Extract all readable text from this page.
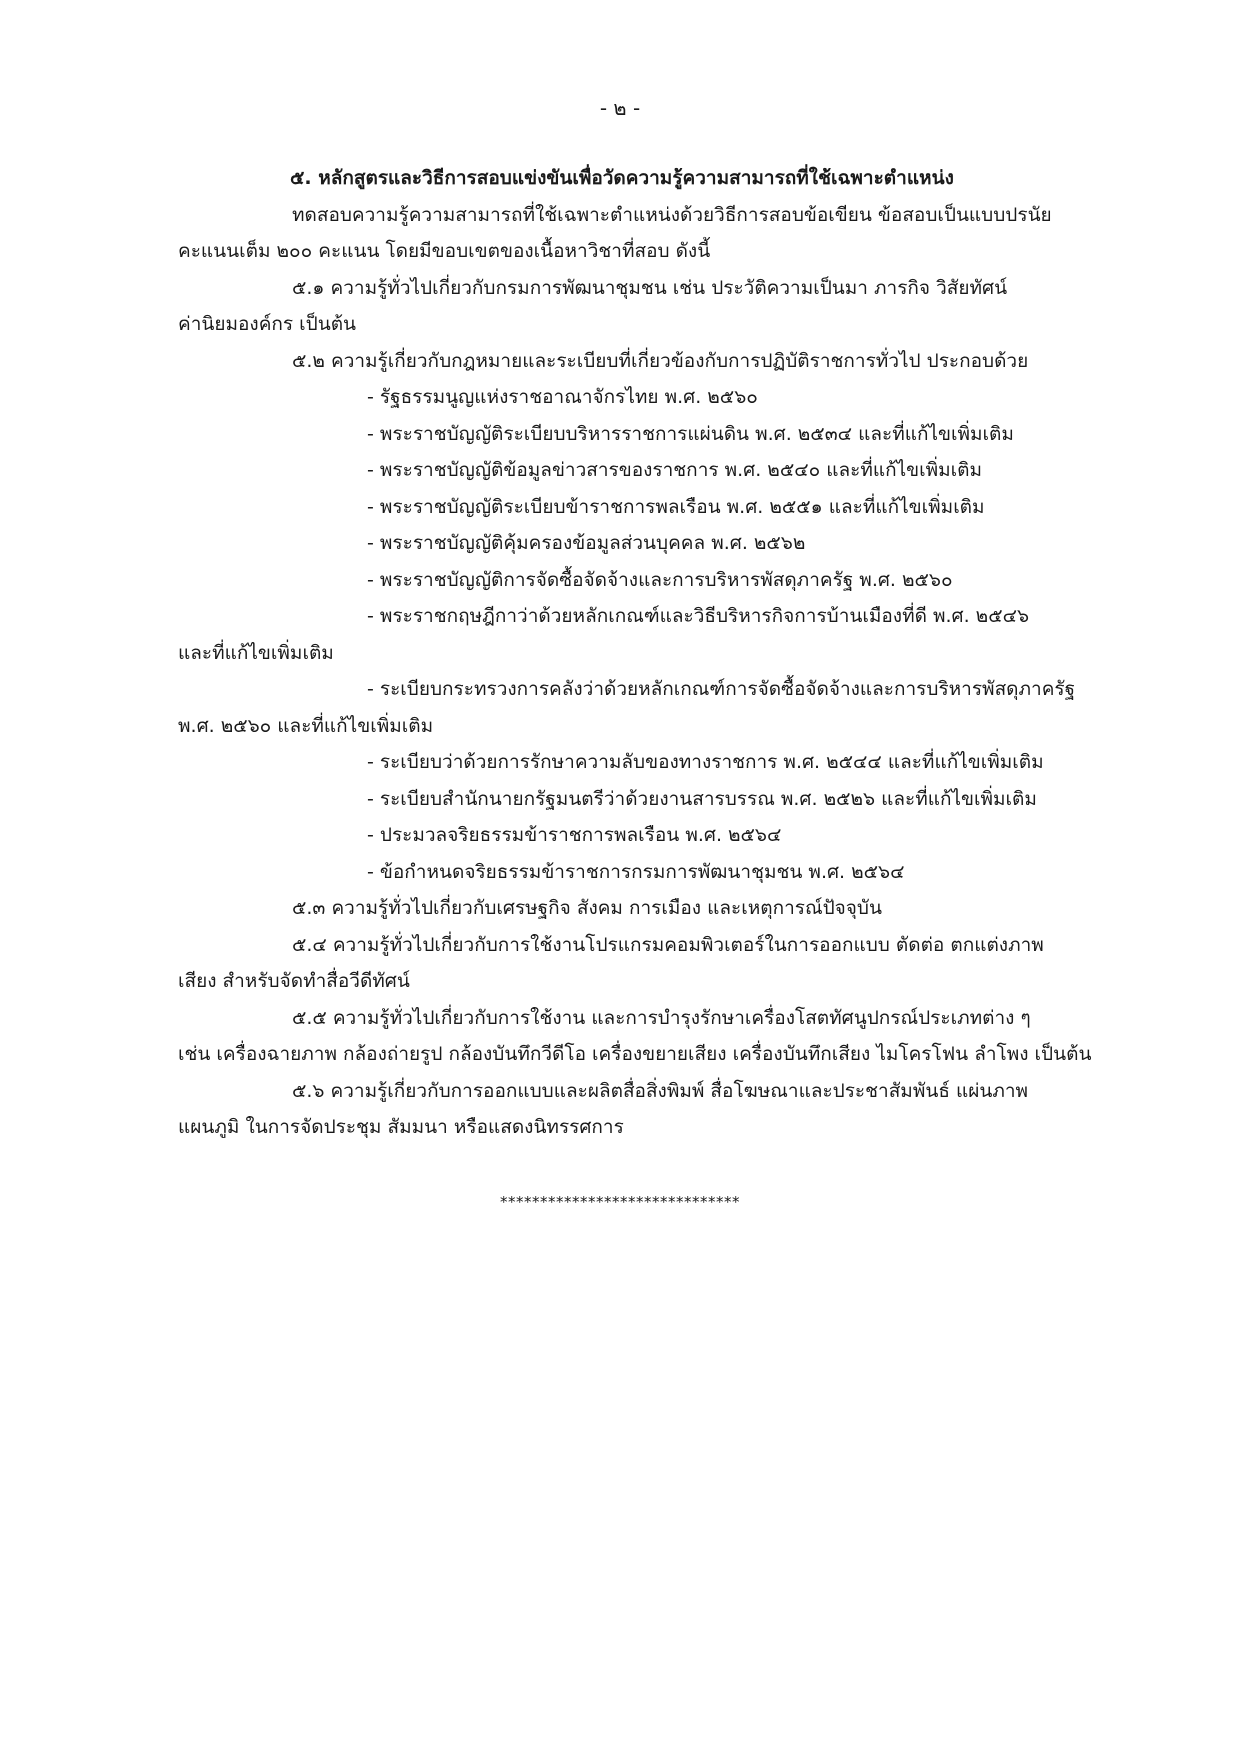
- ๒ -
๕. หลักสูตรและวิธีการสอบแข่งขันเพื่อวัดความรู้ความสามารถที่ใช้เฉพาะตำแหน่ง
ทดสอบความรู้ความสามารถที่ใช้เฉพาะตำแหน่งด้วยวิธีการสอบข้อเขียน ข้อสอบเป็นแบบปรนัย
คะแนนเต็ม ๒๐๐ คะแนน โดยมีขอบเขตของเนื้อหาวิชาที่สอบ ดังนี้
๕.๑ ความรู้ทั่วไปเกี่ยวกับกรมการพัฒนาชุมชน เช่น ประวัติความเป็นมา ภารกิจ วิสัยทัศน์
ค่านิยมองค์กร เป็นต้น
๕.๒ ความรู้เกี่ยวกับกฎหมายและระเบียบที่เกี่ยวข้องกับการปฏิบัติราชการทั่วไป ประกอบด้วย
- รัฐธรรมนูญแห่งราชอาณาจักรไทย พ.ศ. ๒๕๖๐
- พระราชบัญญัติระเบียบบริหารราชการแผ่นดิน พ.ศ. ๒๕๓๔ และที่แก้ไขเพิ่มเติม
- พระราชบัญญัติข้อมูลข่าวสารของราชการ พ.ศ. ๒๕๔๐ และที่แก้ไขเพิ่มเติม
- พระราชบัญญัติระเบียบข้าราชการพลเรือน พ.ศ. ๒๕๕๑ และที่แก้ไขเพิ่มเติม
- พระราชบัญญัติคุ้มครองข้อมูลส่วนบุคคล พ.ศ. ๒๕๖๒
- พระราชบัญญัติการจัดซื้อจัดจ้างและการบริหารพัสดุภาครัฐ พ.ศ. ๒๕๖๐
- พระราชกฤษฎีกาว่าด้วยหลักเกณฑ์และวิธีบริหารกิจการบ้านเมืองที่ดี พ.ศ. ๒๕๔๖
และที่แก้ไขเพิ่มเติม
- ระเบียบกระทรวงการคลังว่าด้วยหลักเกณฑ์การจัดซื้อจัดจ้างและการบริหารพัสดุภาครัฐ
พ.ศ. ๒๕๖๐ และที่แก้ไขเพิ่มเติม
- ระเบียบว่าด้วยการรักษาความลับของทางราชการ พ.ศ. ๒๕๔๔ และที่แก้ไขเพิ่มเติม
- ระเบียบสำนักนายกรัฐมนตรีว่าด้วยงานสารบรรณ พ.ศ. ๒๕๒๖ และที่แก้ไขเพิ่มเติม
- ประมวลจริยธรรมข้าราชการพลเรือน พ.ศ. ๒๕๖๔
- ข้อกำหนดจริยธรรมข้าราชการกรมการพัฒนาชุมชน พ.ศ. ๒๕๖๔
๕.๓ ความรู้ทั่วไปเกี่ยวกับเศรษฐกิจ สังคม การเมือง และเหตุการณ์ปัจจุบัน
๕.๔ ความรู้ทั่วไปเกี่ยวกับการใช้งานโปรแกรมคอมพิวเตอร์ในการออกแบบ ตัดต่อ ตกแต่งภาพ
เสียง สำหรับจัดทำสื่อวีดีทัศน์
๕.๕ ความรู้ทั่วไปเกี่ยวกับการใช้งาน และการบำรุงรักษาเครื่องโสตทัศนูปกรณ์ประเภทต่าง ๆ
เช่น เครื่องฉายภาพ กล้องถ่ายรูป กล้องบันทึกวีดีโอ เครื่องขยายเสียง เครื่องบันทึกเสียง ไมโครโฟน ลำโพง เป็นต้น
๕.๖ ความรู้เกี่ยวกับการออกแบบและผลิตสื่อสิ่งพิมพ์ สื่อโฆษณาและประชาสัมพันธ์ แผ่นภาพ
แผนภูมิ ในการจัดประชุม สัมมนา หรือแสดงนิทรรศการ
******************************
